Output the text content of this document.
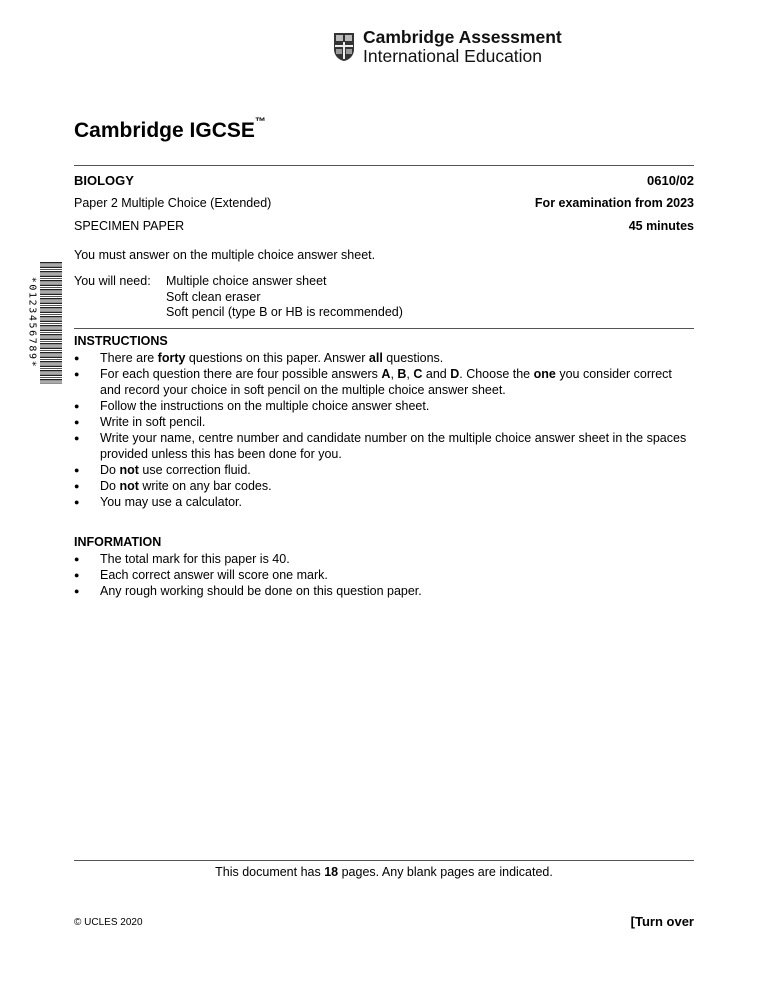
Cambridge Assessment
International Education
Cambridge IGCSE™
BIOLOGY	0610/02
Paper 2 Multiple Choice (Extended)	For examination from 2023
SPECIMEN PAPER	45 minutes
You must answer on the multiple choice answer sheet.
You will need: Multiple choice answer sheet
Soft clean eraser
Soft pencil (type B or HB is recommended)
*0123456789*	INSTRUCTIONS
● There are forty questions on this paper. Answer all questions.
● For each question there are four possible answers A, B, C and D. Choose the one you consider correct and record your choice in soft pencil on the multiple choice answer sheet.
● Follow the instructions on the multiple choice answer sheet.
● Write in soft pencil.
● Write your name, centre number and candidate number on the multiple choice answer sheet in the spaces provided unless this has been done for you.
● Do not use correction fluid.
● Do not write on any bar codes.
● You may use a calculator.
INFORMATION
● The total mark for this paper is 40.
● Each correct answer will score one mark.
● Any rough working should be done on this question paper.
This document has 18 pages. Any blank pages are indicated.
© UCLES 2020	[Turn over
